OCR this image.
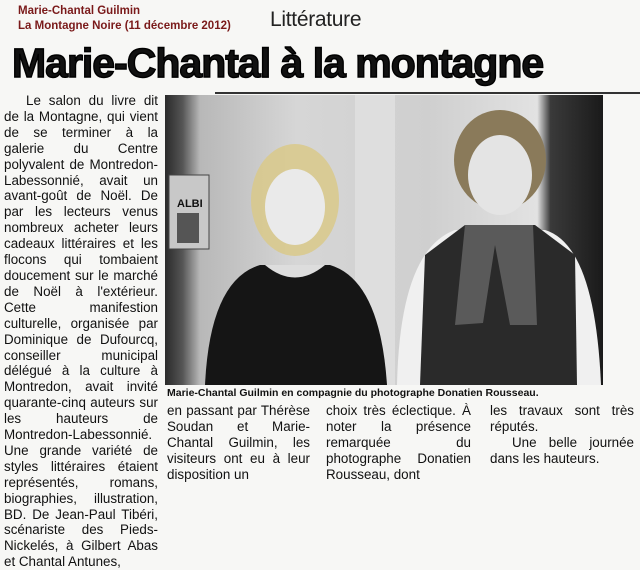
Marie-Chantal Guilmin
La Montagne Noire (11 décembre 2012)	Littérature
Marie-Chantal à la montagne

Le salon du livre dit de la Montagne, qui vient de se terminer à la galerie du Centre polyvalent de Montredon-Labessonnié, avait un avant-goût de Noël. De par les lecteurs venus nombreux acheter leurs cadeaux littéraires et les flocons qui tombaient doucement sur le marché de Noël à l'extérieur. Cette manifestion culturelle, organisée par Dominique de Dufourcq, conseiller municipal délégué à la culture à Montredon, avait invité quarante-cinq auteurs sur les hauteurs de Montredon-Labessonnié. Une grande variété de styles littéraires étaient représentés, romans, biographies, illustration, BD. De Jean-Paul Tibéri, scénariste des Pieds-Nickelés, à Gilbert Abas et Chantal Antunes,

ALBI
Marie-Chantal Guilmin en compagnie du photographe Donatien Rousseau.

en passant par Thérèse Soudan et Marie-Chantal Guilmin, les visiteurs ont eu à leur disposition un

choix très éclectique. À noter la présence remarquée du photographe Donatien Rousseau, dont

les travaux sont très réputés.

Une belle journée dans les hauteurs.
